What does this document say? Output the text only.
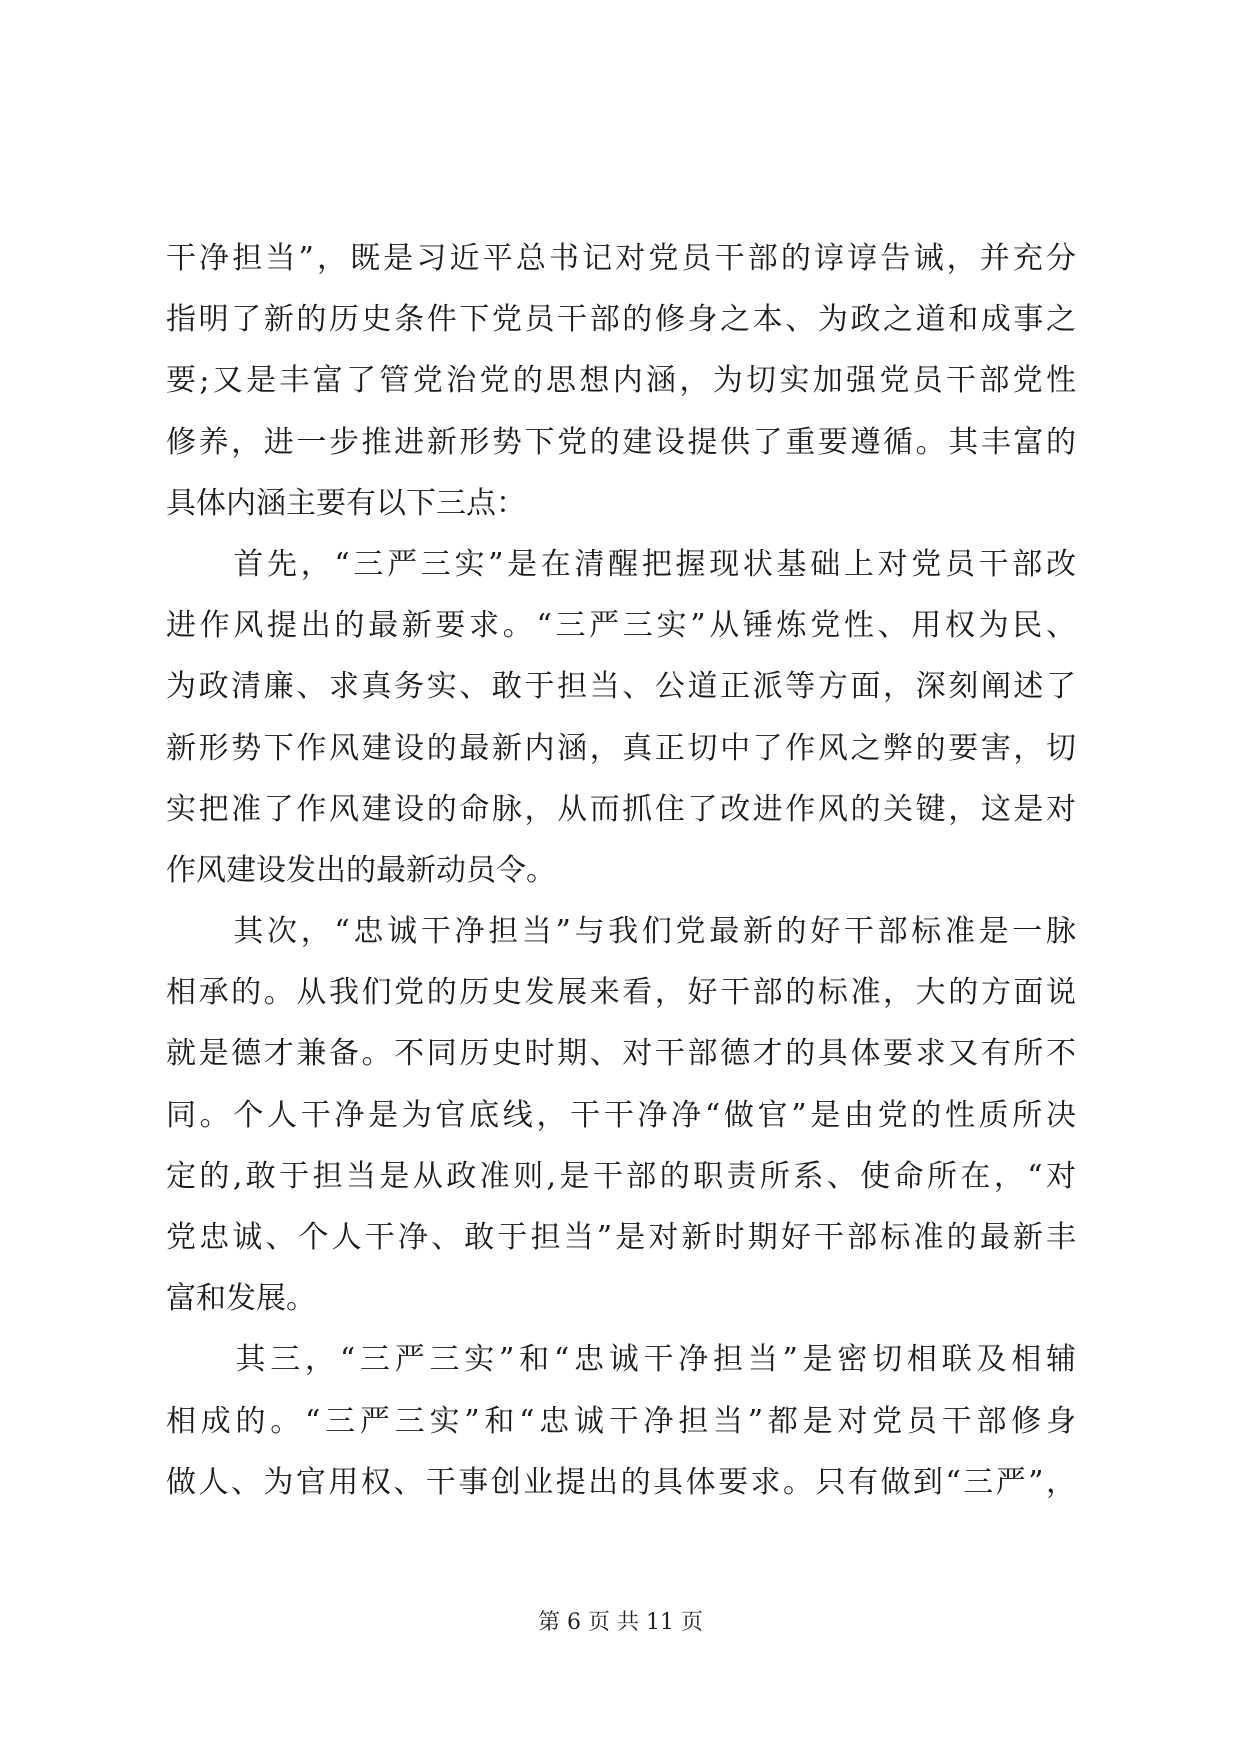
干净担当”，既是习近平总书记对党员干部的谆谆告诫，并充分
指明了新的历史条件下党员干部的修身之本、为政之道和成事之
要;又是丰富了管党治党的思想内涵，为切实加强党员干部党性
修养，进一步推进新形势下党的建设提供了重要遵循。其丰富的
具体内涵主要有以下三点：
　　首先，“三严三实”是在清醒把握现状基础上对党员干部改
进作风提出的最新要求。“三严三实”从锤炼党性、用权为民、
为政清廉、求真务实、敢于担当、公道正派等方面，深刻阐述了
新形势下作风建设的最新内涵，真正切中了作风之弊的要害，切
实把准了作风建设的命脉，从而抓住了改进作风的关键，这是对
作风建设发出的最新动员令。
　　其次，“忠诚干净担当”与我们党最新的好干部标准是一脉
相承的。从我们党的历史发展来看，好干部的标准，大的方面说
就是德才兼备。不同历史时期、对干部德才的具体要求又有所不
同。个人干净是为官底线，干干净净“做官”是由党的性质所决
定的,敢于担当是从政准则,是干部的职责所系、使命所在，“对
党忠诚、个人干净、敢于担当”是对新时期好干部标准的最新丰
富和发展。
　　其三，“三严三实”和“忠诚干净担当”是密切相联及相辅
相成的。“三严三实”和“忠诚干净担当”都是对党员干部修身
做人、为官用权、干事创业提出的具体要求。只有做到“三严”，
第 6 页 共 11 页
